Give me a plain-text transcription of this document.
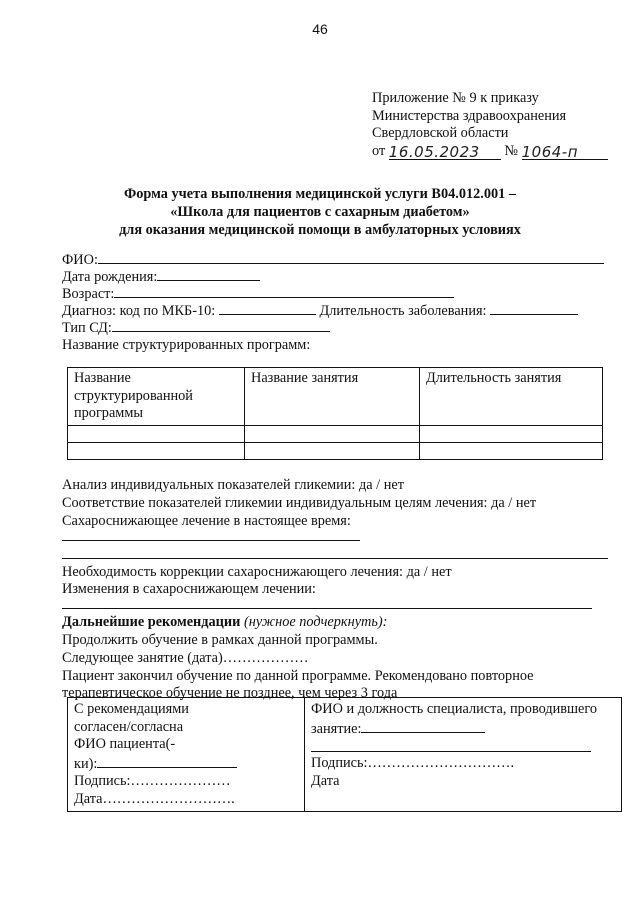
46
Приложение № 9 к приказу
Министерства здравоохранения
Свердловской области
от 16.05.2023 № 1064-п
Форма учета выполнения медицинской услуги В04.012.001 –
«Школа для пациентов с сахарным диабетом»
для оказания медицинской помощи в амбулаторных условиях
ФИО:
Дата рождения:
Возраст:
Диагноз: код по МКБ-10:	Длительность заболевания:
Тип СД:
Название структурированных программ:
Название структурированной программы	Название занятия	Длительность занятия

Анализ индивидуальных показателей гликемии: да / нет
Соответствие показателей гликемии индивидуальным целям лечения: да / нет
Сахароснижающее лечение в настоящее время:
Необходимость коррекции сахароснижающего лечения: да / нет
Изменения в сахароснижающем лечении:
Дальнейшие рекомендации (нужное подчеркнуть):
Продолжить обучение в рамках данной программы.
Следующее занятие (дата)………………
Пациент закончил обучение по данной программе. Рекомендовано повторное
терапевтическое обучение не позднее, чем через 3 года
С рекомендациями
согласен/согласна
ФИО пациента(-
ки):
Подпись:…………………
Дата……………………….

ФИО и должность специалиста, проводившего
занятие:
Подпись:………………………….
Дата
